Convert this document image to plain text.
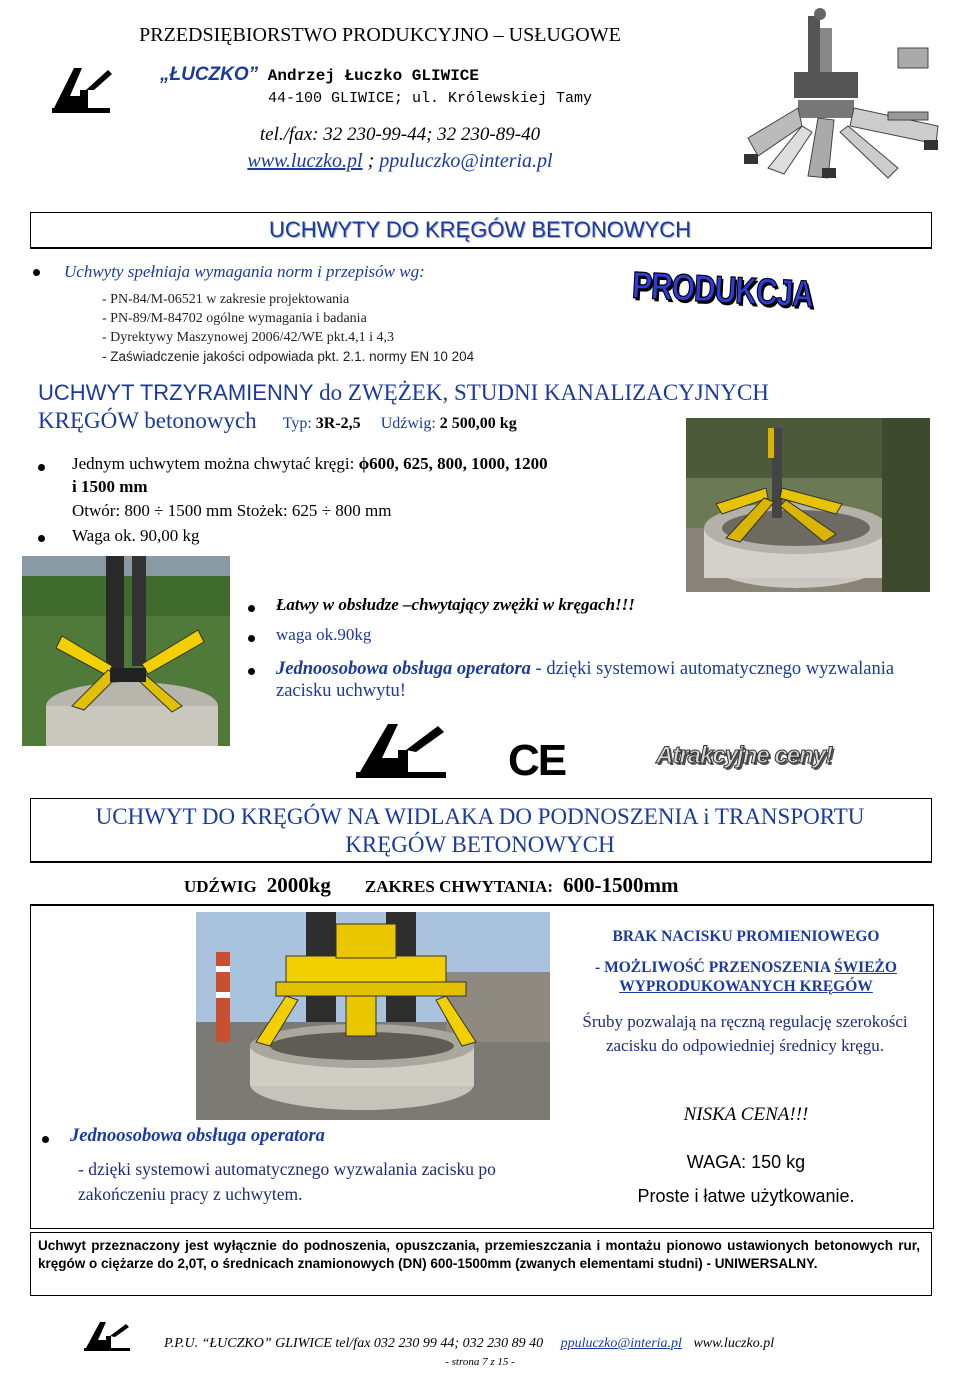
PRZEDSIĘBIORSTWO PRODUKCYJNO – USŁUGOWE
„ŁUCZKO” Andrzej Łuczko GLIWICE
44-100 GLIWICE; ul. Królewskiej Tamy
tel./fax: 32 230-99-44; 32 230-89-40
www.luczko.pl ; ppuluczko@interia.pl
UCHWYTY DO KRĘGÓW BETONOWYCH
Uchwyty spełniaja wymagania norm i przepisów wg:
- PN-84/M-06521 w zakresie projektowania
- PN-89/M-84702 ogólne wymagania i badania
- Dyrektywy Maszynowej 2006/42/WE pkt.4,1 i 4,3
- Zaświadczenie jakości odpowiada pkt. 2.1. normy EN 10 204
PRODUKCJA
UCHWYT TRZYRAMIENNY do ZWĘŻEK, STUDNI KANALIZACYJNYCH
KRĘGÓW betonowych Typ: 3R-2,5 Udźwig: 2 500,00 kg
Jednym uchwytem można chwytać kręgi: ϕ600, 625, 800, 1000, 1200
i 1500 mm
Otwór: 800 ÷ 1500 mm Stożek: 625 ÷ 800 mm
Waga ok. 90,00 kg
Łatwy w obsłudze –chwytający zwężki w kręgach!!!
waga ok.90kg
Jednoosobowa obsługa operatora - dzięki systemowi automatycznego wyzwalania zacisku uchwytu!
CE	Atrakcyjne ceny!
UCHWYT DO KRĘGÓW NA WIDLAKA DO PODNOSZENIA i TRANSPORTU
KRĘGÓW BETONOWYCH
UDŹWIG 2000kg ZAKRES CHWYTANIA: 600-1500mm
BRAK NACISKU PROMIENIOWEGO
- MOŻLIWOŚĆ PRZENOSZENIA ŚWIEŻO
WYPRODUKOWANYCH KRĘGÓW
Śruby pozwalają na ręczną regulację szerokości zacisku do odpowiedniej średnicy kręgu.
NISKA CENA!!!
WAGA: 150 kg
Proste i łatwe użytkowanie.
Jednoosobowa obsługa operatora
- dzięki systemowi automatycznego wyzwalania zacisku po zakończeniu pracy z uchwytem.
Uchwyt przeznaczony jest wyłącznie do podnoszenia, opuszczania, przemieszczania i montażu pionowo ustawionych betonowych rur, kręgów o ciężarze do 2,0T, o średnicach znamionowych (DN) 600-1500mm (zwanych elementami studni) - UNIWERSALNY.
P.P.U. “ŁUCZKO” GLIWICE tel/fax 032 230 99 44; 032 230 89 40 ppuluczko@interia.pl www.luczko.pl
- strona 7 z 15 -
